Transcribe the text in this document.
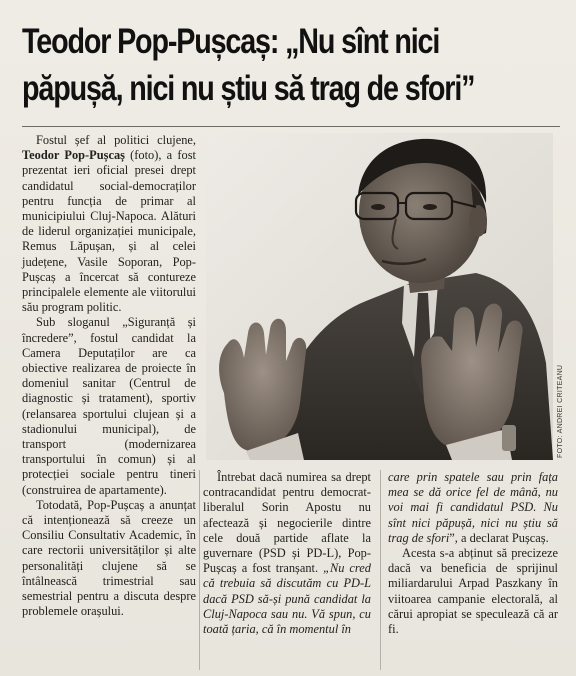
Teodor Pop-Pușcaș: „Nu sînt nici
păpușă, nici nu știu să trag de sfori”

Fostul șef al politici clujene, Teodor Pop-Pușcaș (foto), a fost prezentat ieri oficial presei drept candidatul social-democraților pentru funcția de primar al municipiului Cluj-Napoca. Alături de liderul organizației municipale, Remus Lăpușan, și al celei județene, Vasile Soporan, Pop-Pușcaș a încercat să contureze principalele elemente ale viitorului său program politic.

Sub sloganul „Siguranță și încredere”, fostul candidat la Camera Deputaților are ca obiective realizarea de proiecte în domeniul sanitar (Centrul de diagnostic și tratament), sportiv (relansarea sportului clujean și a stadionului municipal), de transport (modernizarea transportului în comun) și al protecției sociale pentru tineri (construirea de apartamente).

Totodată, Pop-Pușcaș a anunțat că intenționează să creeze un Consiliu Consultativ Academic, în care rectorii universităților și alte personalități clujene să se întâlnească trimestrial sau semestrial pentru a discuta despre problemele orașului.

FOTO: ANDREI CRITEANU

Întrebat dacă numirea sa drept contracandidat pentru democrat-liberalul Sorin Apostu nu afectează și negocierile dintre cele două partide aflate la guvernare (PSD și PD-L), Pop-Pușcaș a fost tranșant. „Nu cred că trebuia să discutăm cu PD-L dacă PSD să-și pună candidat la Cluj-Napoca sau nu. Vă spun, cu toată țaria, că în momentul în

care prin spatele sau prin fața mea se dă orice fel de mână, nu voi mai fi candidatul PSD. Nu sînt nici păpușă, nici nu știu să trag de sfori”, a declarat Pușcaș.

Acesta s-a abținut să precizeze dacă va beneficia de sprijinul miliardarului Arpad Paszkany în viitoarea campanie electorală, al cărui apropiat se speculează că ar fi.
